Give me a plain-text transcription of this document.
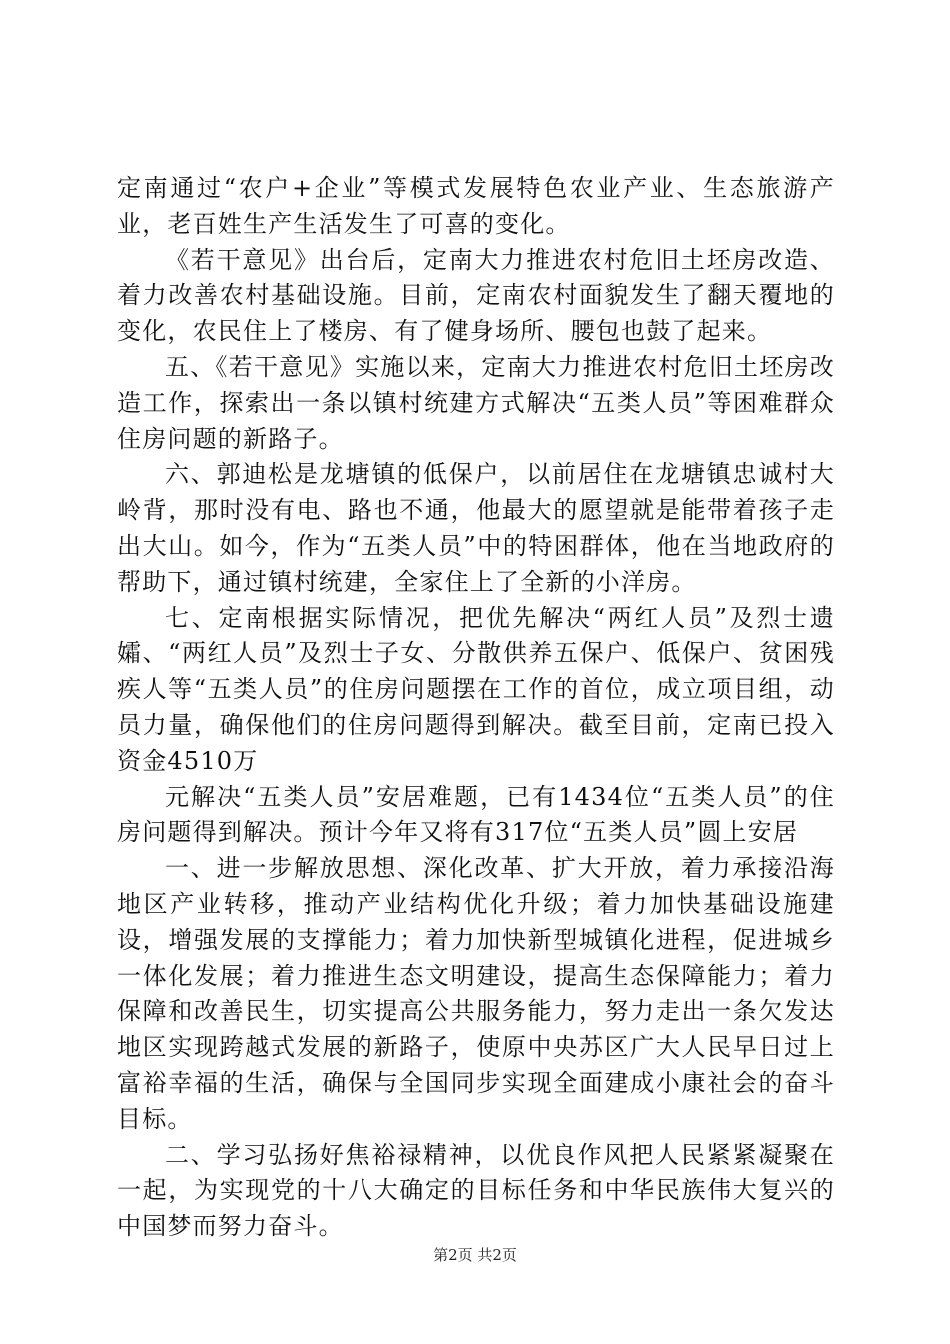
定南通过“农户+企业”等模式发展特色农业产业、生态旅游产业，老百姓生产生活发生了可喜的变化。

《若干意见》出台后，定南大力推进农村危旧土坯房改造、着力改善农村基础设施。目前，定南农村面貌发生了翻天覆地的变化，农民住上了楼房、有了健身场所、腰包也鼓了起来。

五、《若干意见》实施以来，定南大力推进农村危旧土坯房改造工作，探索出一条以镇村统建方式解决“五类人员”等困难群众住房问题的新路子。

六、郭迪松是龙塘镇的低保户，以前居住在龙塘镇忠诚村大岭背，那时没有电、路也不通，他最大的愿望就是能带着孩子走出大山。如今，作为“五类人员”中的特困群体，他在当地政府的帮助下，通过镇村统建，全家住上了全新的小洋房。

七、定南根据实际情况，把优先解决“两红人员”及烈士遗孀、“两红人员”及烈士子女、分散供养五保户、低保户、贫困残疾人等“五类人员”的住房问题摆在工作的首位，成立项目组，动员力量，确保他们的住房问题得到解决。截至目前，定南已投入资金4510万

元解决“五类人员”安居难题，已有1434位“五类人员”的住房问题得到解决。预计今年又将有317位“五类人员”圆上安居

一、进一步解放思想、深化改革、扩大开放，着力承接沿海地区产业转移，推动产业结构优化升级；着力加快基础设施建设，增强发展的支撑能力；着力加快新型城镇化进程，促进城乡一体化发展；着力推进生态文明建设，提高生态保障能力；着力保障和改善民生，切实提高公共服务能力，努力走出一条欠发达地区实现跨越式发展的新路子，使原中央苏区广大人民早日过上富裕幸福的生活，确保与全国同步实现全面建成小康社会的奋斗目标。

二、学习弘扬好焦裕禄精神，以优良作风把人民紧紧凝聚在一起，为实现党的十八大确定的目标任务和中华民族伟大复兴的中国梦而努力奋斗。

第2页 共2页
